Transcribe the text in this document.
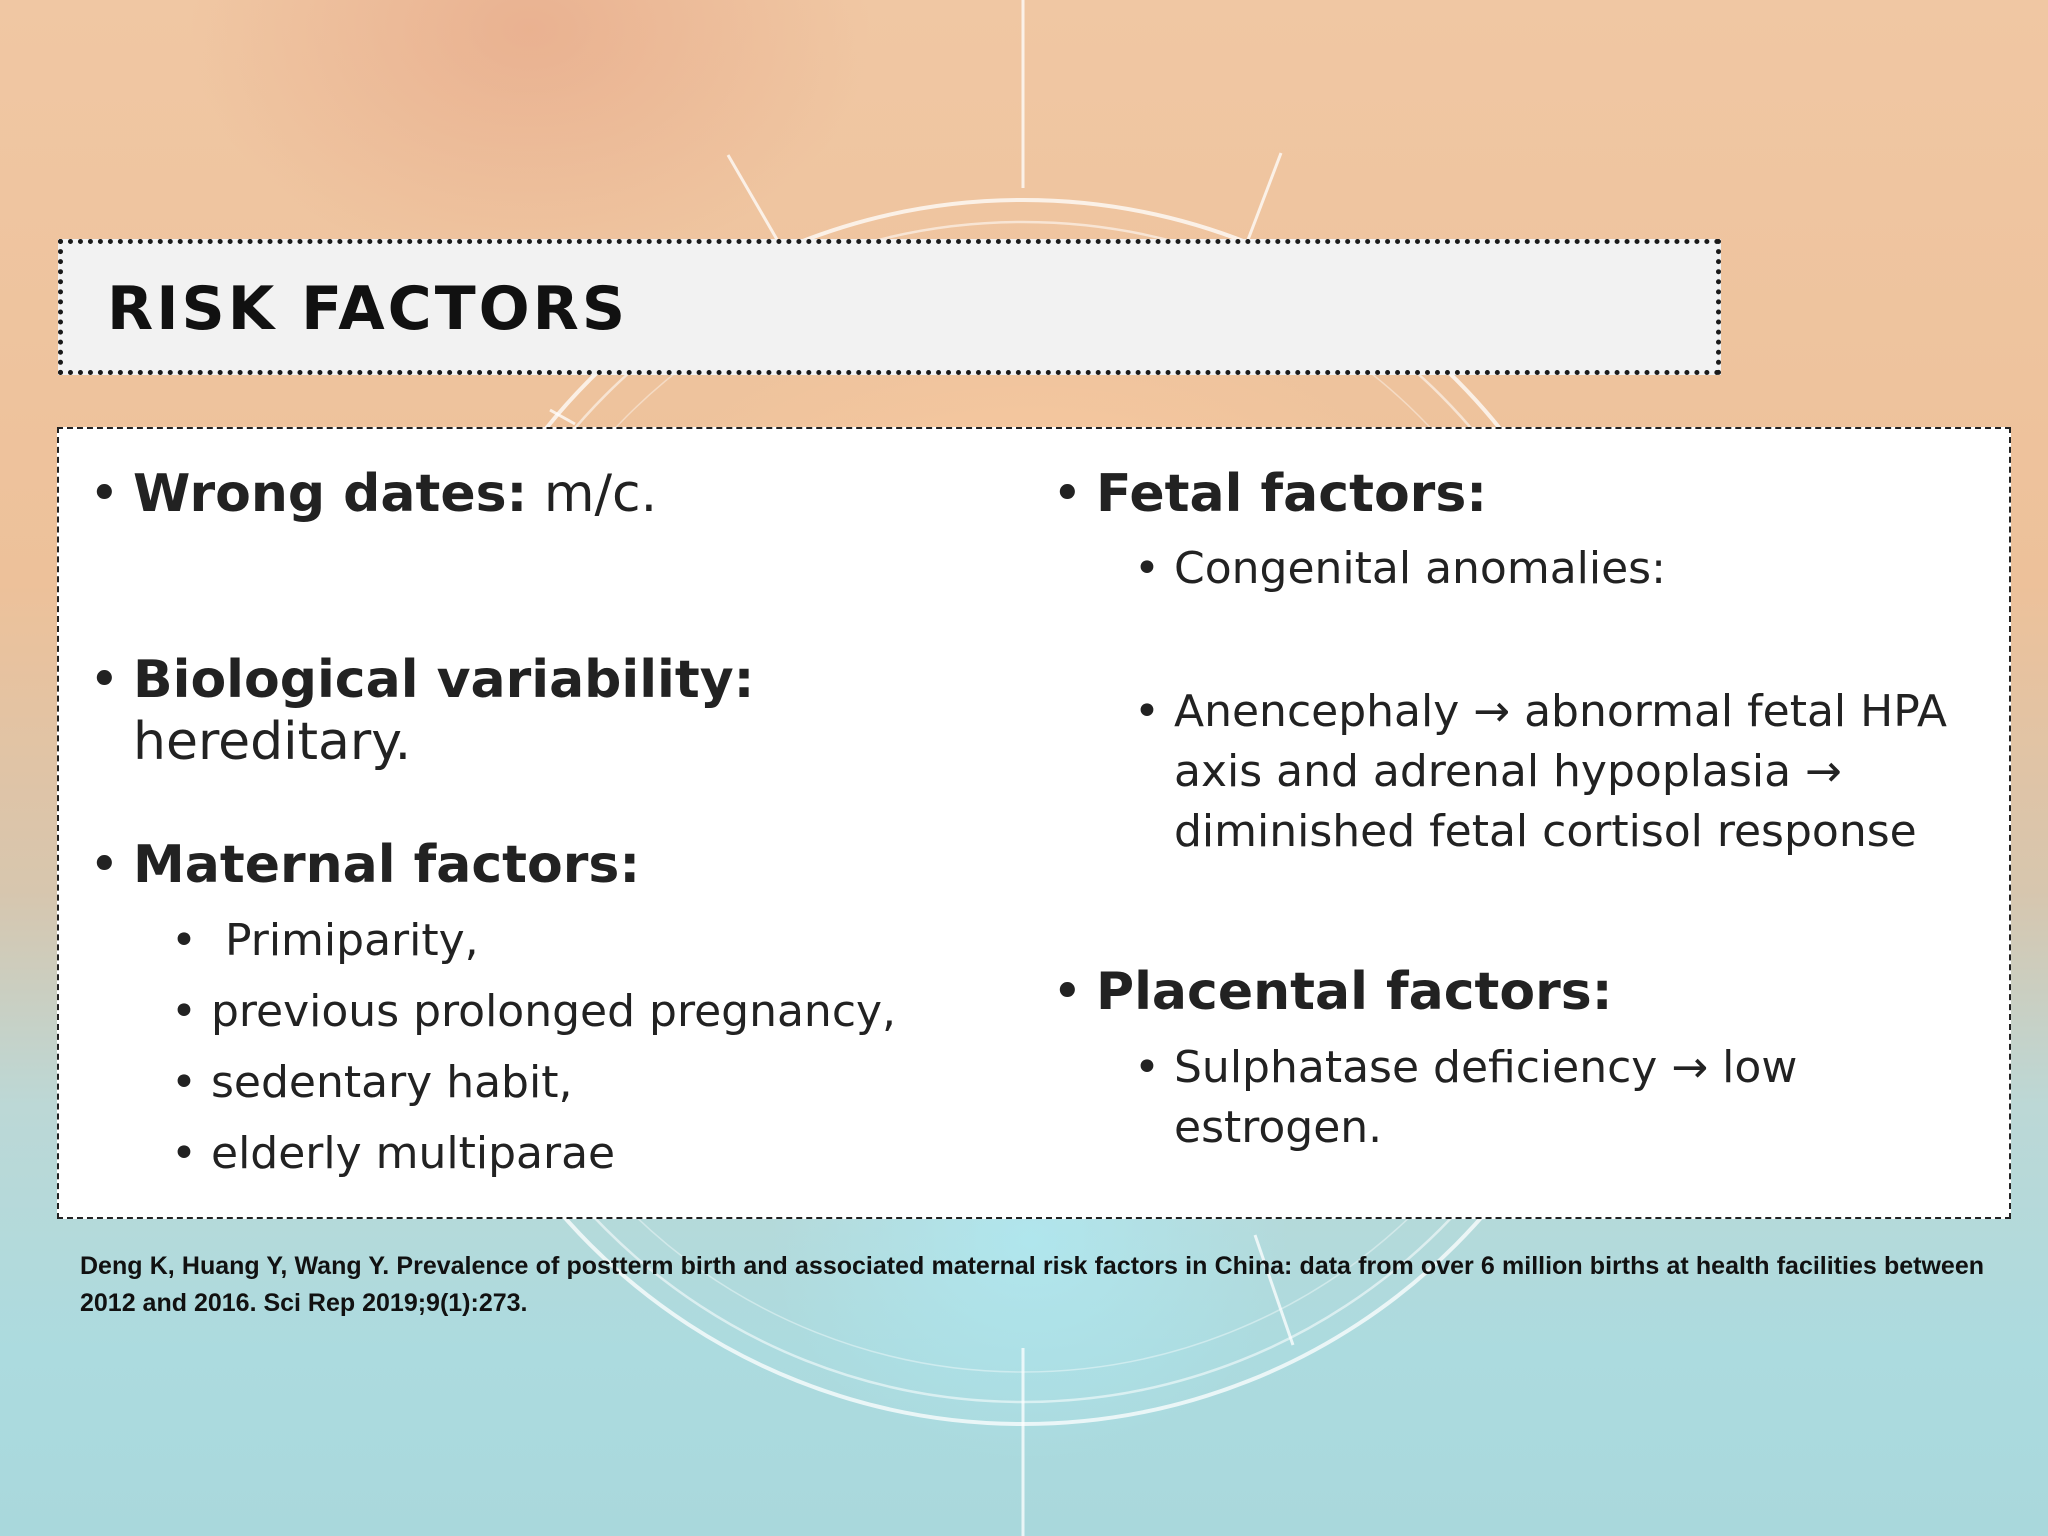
RISK FACTORS
• Wrong dates: m/c.
• Biological variability: hereditary.
• Maternal factors:
•  Primiparity,
• previous prolonged pregnancy,
• sedentary habit,
• elderly multiparae
• Fetal factors:
• Congenital anomalies:
• Anencephaly → abnormal fetal HPA axis and adrenal hypoplasia → diminished fetal cortisol response
• Placental factors:
• Sulphatase deficiency → low estrogen.
Deng K, Huang Y, Wang Y. Prevalence of postterm birth and associated maternal risk factors in China: data from over 6 million births at health facilities between 2012 and 2016. Sci Rep 2019;9(1):273.
